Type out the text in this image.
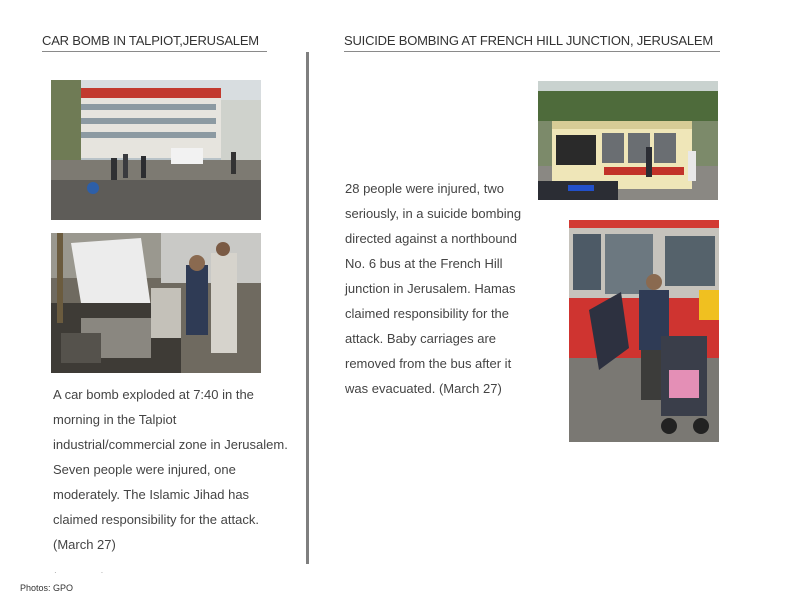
CAR BOMB IN TALPIOT,JERUSALEM	SUICIDE BOMBING AT FRENCH HILL JUNCTION, JERUSALEM

A car bomb exploded at 7:40 in the morning in the Talpiot industrial/commercial zone in Jerusalem. Seven people were injured, one moderately. The Islamic Jihad has claimed responsibility for the attack. (March 27)

28 people were injured, two seriously, in a suicide bombing directed against a northbound No. 6 bus at the French Hill junction in Jerusalem. Hamas claimed responsibility for the attack. Baby carriages are removed from the bus after it was evacuated. (March 27)

··
Photos: GPO
